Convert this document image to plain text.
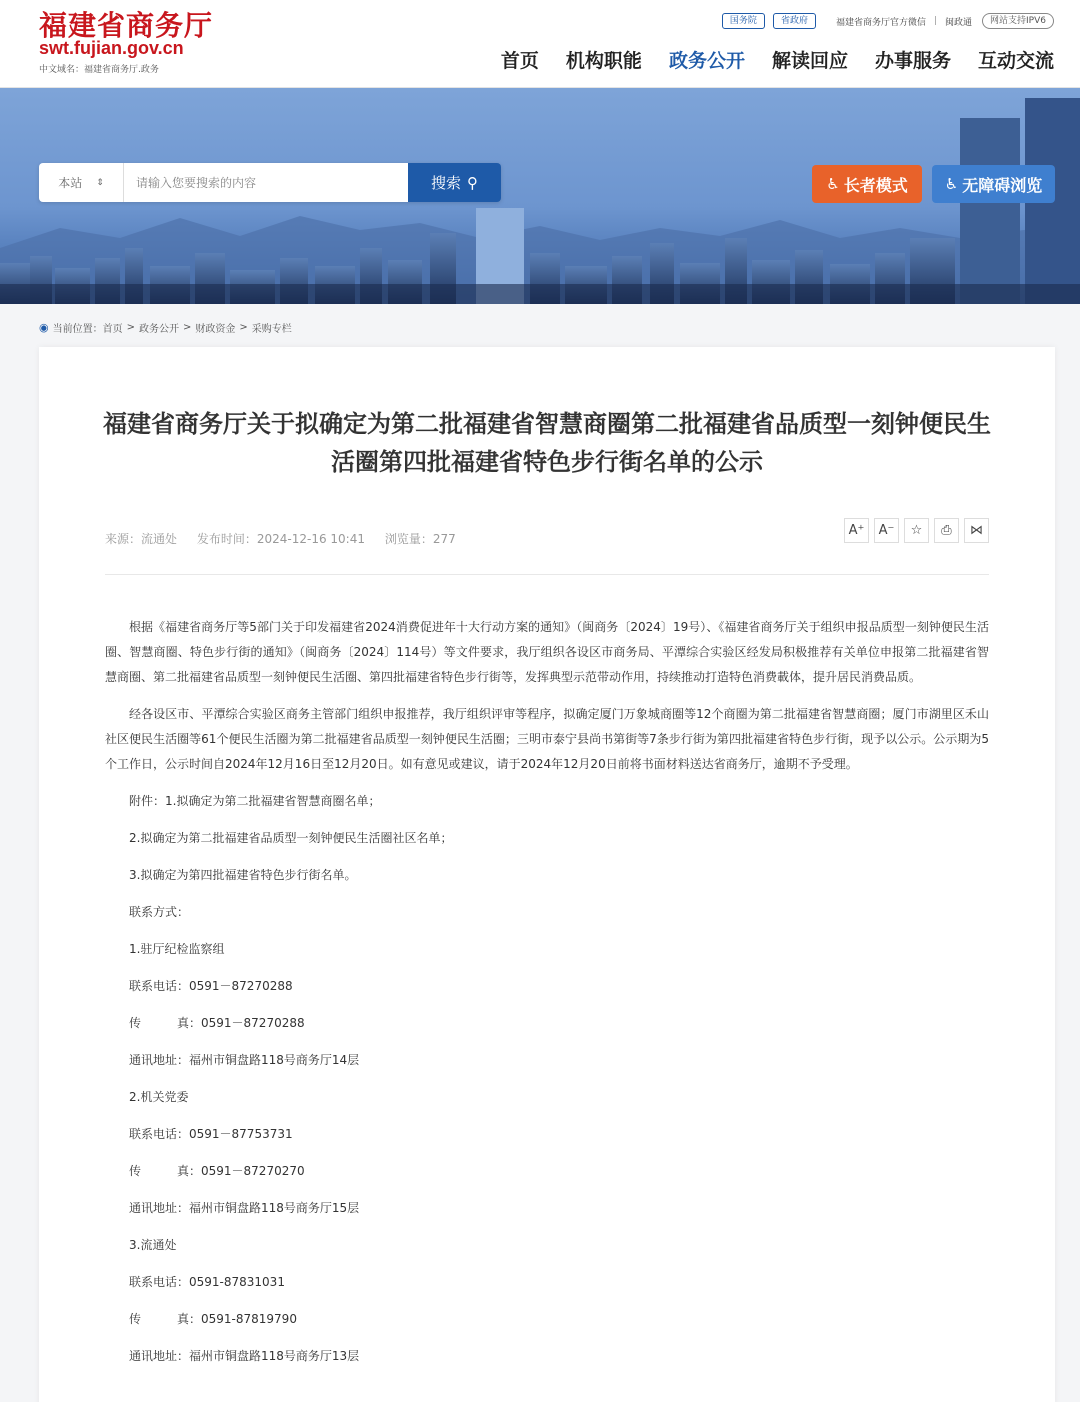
福建省商务厅
swt.fujian.gov.cn
中文域名：福建省商务厅.政务
国务院	省政府	福建省商务厅官方微信 | 闽政通	网站支持IPV6
首页 机构职能 政务公开 解读回应 办事服务 互动交流
本站 ⇕
请输入您要搜索的内容	搜索 ⚲	♿ 长者模式 ♿ 无障碍浏览
◉ 当前位置： 首页 > 政务公开 > 财政资金 > 采购专栏
福建省商务厅关于拟确定为第二批福建省智慧商圈第二批福建省品质型一刻钟便民生活圈第四批福建省特色步行街名单的公示
来源：流通处 发布时间：2024-12-16 10:41 浏览量：277
A⁺	A⁻	☆	⎙	⋈

根据《福建省商务厅等5部门关于印发福建省2024消费促进年十大行动方案的通知》（闽商务〔2024〕19号）、《福建省商务厅关于组织申报品质型一刻钟便民生活圈、智慧商圈、特色步行街的通知》（闽商务〔2024〕114号）等文件要求，我厅组织各设区市商务局、平潭综合实验区经发局积极推荐有关单位申报第二批福建省智慧商圈、第二批福建省品质型一刻钟便民生活圈、第四批福建省特色步行街等，发挥典型示范带动作用，持续推动打造特色消费載体，提升居民消费品质。

经各设区市、平潭综合实验区商务主管部门组织申报推荐，我厅组织评审等程序，拟确定厦门万象城商圈等12个商圈为第二批福建省智慧商圈；厦门市湖里区禾山社区便民生活圈等61个便民生活圈为第二批福建省品质型一刻钟便民生活圈；三明市泰宁县尚书第街等7条步行街为第四批福建省特色步行街，现予以公示。公示期为5个工作日，公示时间自2024年12月16日至12月20日。如有意见或建议，请于2024年12月20日前将书面材料送达省商务厅，逾期不予受理。

附件：1.拟确定为第二批福建省智慧商圈名单；

2.拟确定为第二批福建省品质型一刻钟便民生活圈社区名单；

3.拟确定为第四批福建省特色步行街名单。

联系方式：

1.驻厅纪检监察组

联系电话：0591－87270288

传　　　真：0591－87270288

通讯地址：福州市铜盘路118号商务厅14层

2.机关党委

联系电话：0591－87753731

传　　　真：0591－87270270

通讯地址：福州市铜盘路118号商务厅15层

3.流通处

联系电话：0591-87831031

传　　　真：0591-87819790

通讯地址：福州市铜盘路118号商务厅13层
